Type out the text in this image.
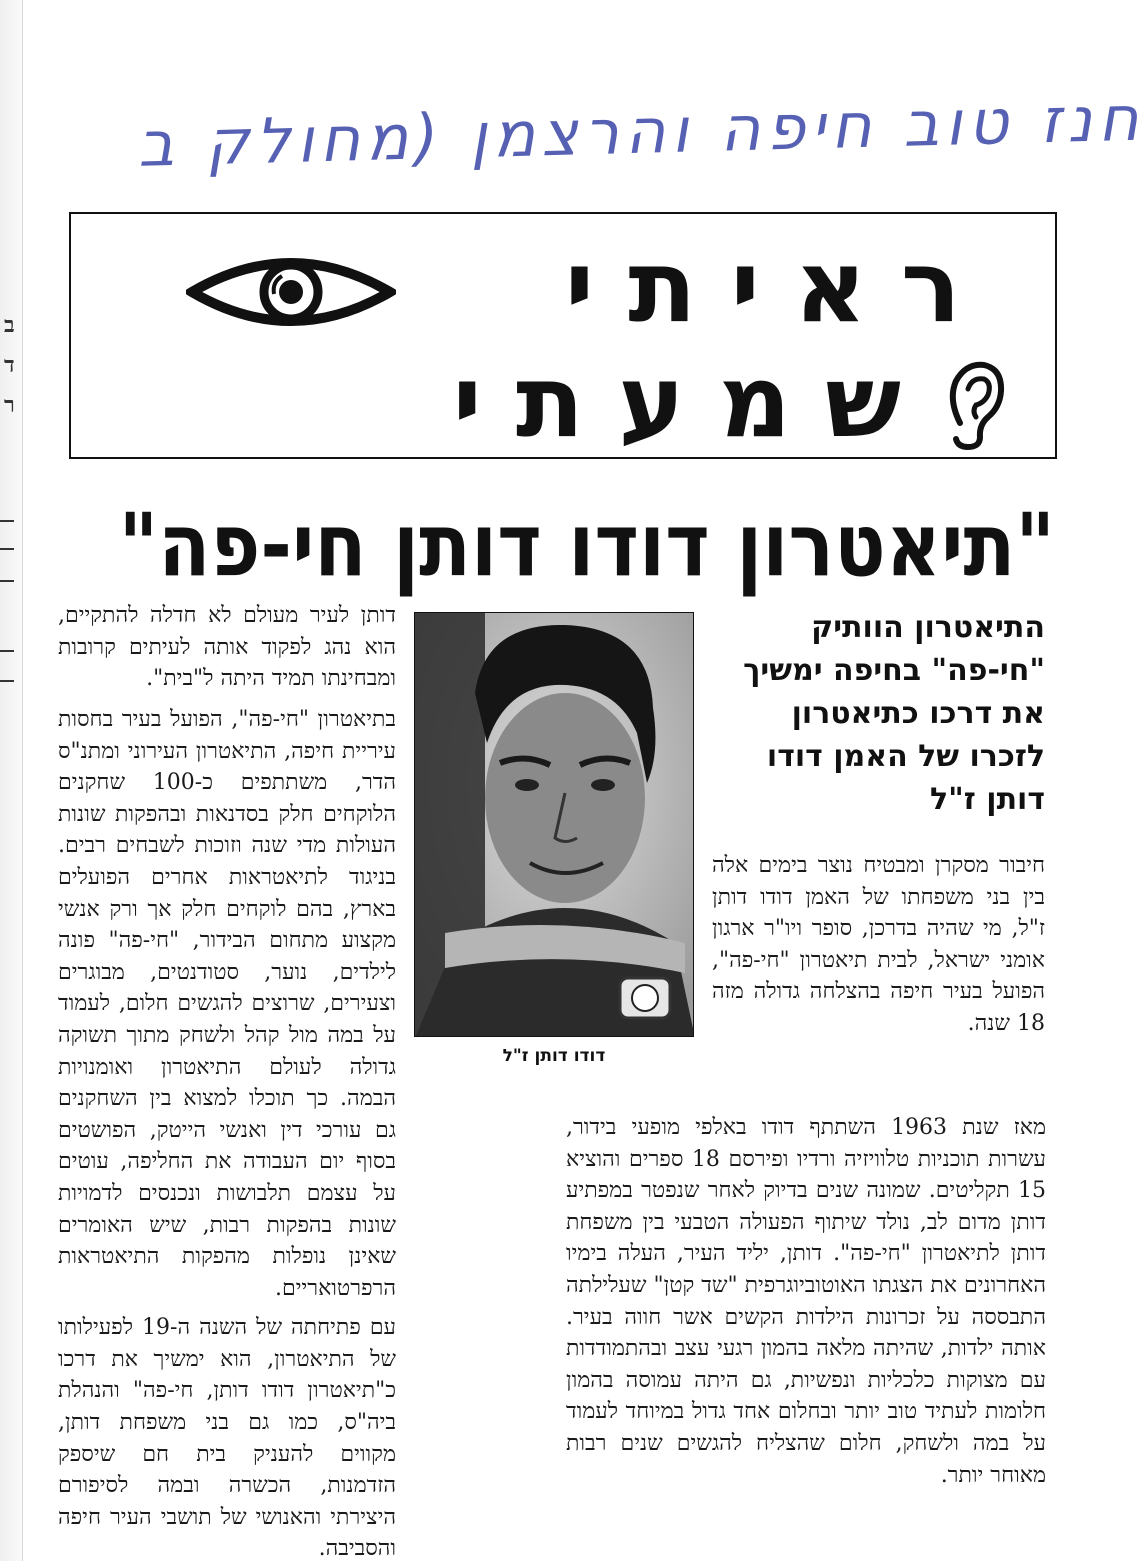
ב
ד
ר
חנז טוב חיפה והרצמן (מחולק ב
ראיתי
שמעתי
"תיאטרון דודו דותן חי-פה"
התיאטרון הוותיק "חי-פה" בחיפה ימשיך את דרכו כתיאטרון לזכרו של האמן דודו דותן ז"ל
דודו דותן ז"ל

חיבור מסקרן ומבטיח נוצר בימים אלה בין בני משפחתו של האמן דודו דותן ז"ל, מי שהיה בדרכן, סופר ויו"ר ארגון אומני ישראל, לבית תיאטרון "חי-פה", הפועל בעיר חיפה בהצלחה גדולה מזה 18 שנה.

מאז שנת 1963 השתתף דודו באלפי מופעי בידור, עשרות תוכניות טלוויזיה ורדיו ופירסם 18 ספרים והוציא 15 תקליטים. שמונה שנים בדיוק לאחר שנפטר במפתיע דותן מדום לב, נולד שיתוף הפעולה הטבעי בין משפחת דותן לתיאטרון "חי-פה". דותן, יליד העיר, העלה בימיו האחרונים את הצגתו האוטוביוגרפית "שד קטן" שעלילתה התבססה על זכרונות הילדות הקשים אשר חווה בעיר. אותה ילדות, שהיתה מלאה בהמון רגעי עצב ובהתמודדות עם מצוקות כלכליות ונפשיות, גם היתה עמוסה בהמון חלומות לעתיד טוב יותר ובחלום אחד גדול במיוחד לעמוד על במה ולשחק, חלום שהצליח להגשים שנים רבות מאוחר יותר.

דותן לעיר מעולם לא חדלה להתקיים, הוא נהג לפקוד אותה לעיתים קרובות ומבחינתו תמיד היתה ל"בית".

בתיאטרון "חי-פה", הפועל בעיר בחסות עיריית חיפה, התיאטרון העירוני ומתנ"ס הדר, משתתפים כ-100 שחקנים הלוקחים חלק בסדנאות ובהפקות שונות העולות מדי שנה וזוכות לשבחים רבים. בניגוד לתיאטראות אחרים הפועלים בארץ, בהם לוקחים חלק אך ורק אנשי מקצוע מתחום הבידור, "חי-פה" פונה לילדים, נוער, סטודנטים, מבוגרים וצעירים, שרוצים להגשים חלום, לעמוד על במה מול קהל ולשחק מתוך תשוקה גדולה לעולם התיאטרון ואומנויות הבמה. כך תוכלו למצוא בין השחקנים גם עורכי דין ואנשי הייטק, הפושטים בסוף יום העבודה את החליפה, עוטים על עצמם תלבושות ונכנסים לדמויות שונות בהפקות רבות, שיש האומרים שאינן נופלות מהפקות התיאטראות הרפרטואריים.

עם פתיחתה של השנה ה-19 לפעילותו של התיאטרון, הוא ימשיך את דרכו כ"תיאטרון דודו דותן, חי-פה" והנהלת ביה"ס, כמו גם בני משפחת דותן, מקווים להעניק בית חם שיספק הזדמנות, הכשרה ובמה לסיפורם היצירתי והאנושי של תושבי העיר חיפה והסביבה.
